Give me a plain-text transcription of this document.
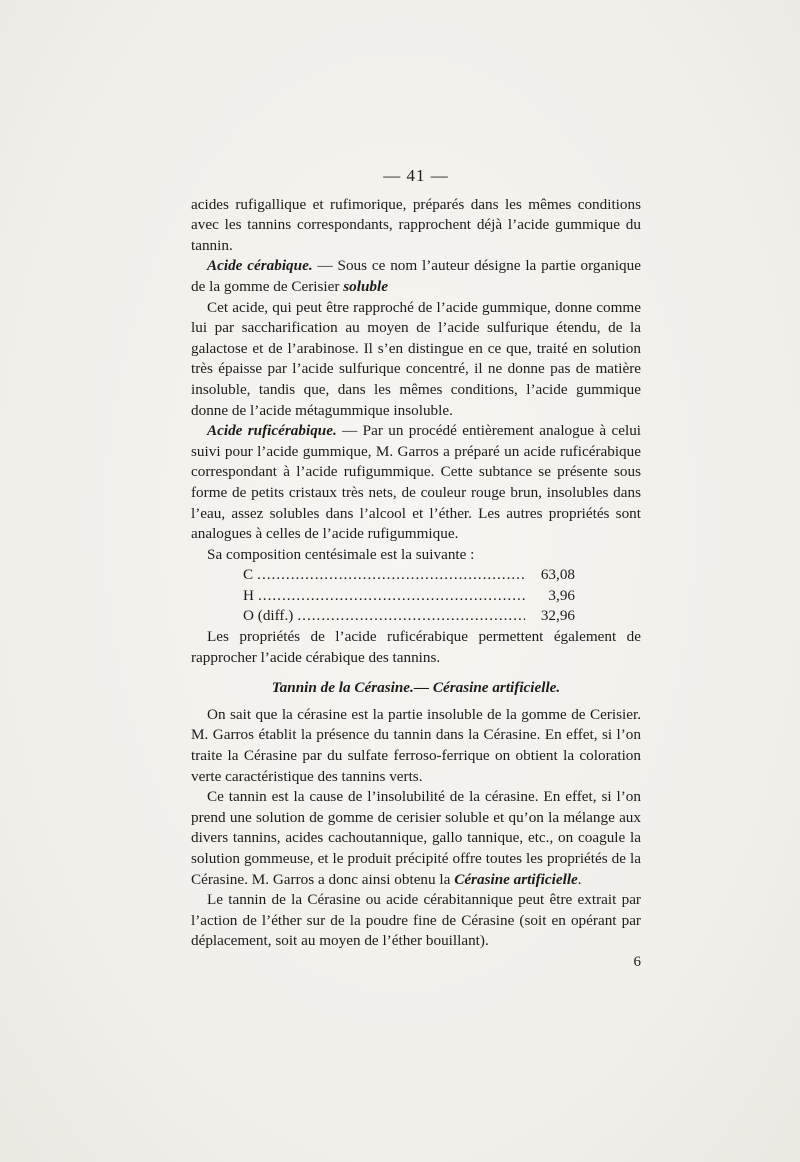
— 41 —

acides rufigallique et rufimorique, préparés dans les mêmes conditions avec les tannins correspondants, rapprochent déjà l’acide gummique du tannin.

Acide cérabique. — Sous ce nom l’auteur désigne la partie organique de la gomme de Cerisier soluble

Cet acide, qui peut être rapproché de l’acide gummique, donne comme lui par saccharification au moyen de l’acide sulfurique étendu, de la galactose et de l’arabinose. Il s’en distingue en ce que, traité en solution très épaisse par l’acide sulfurique concentré, il ne donne pas de matière insoluble, tandis que, dans les mêmes conditions, l’acide gummique donne de l’acide métagummique insoluble.

Acide ruficérabique. — Par un procédé entièrement analogue à celui suivi pour l’acide gummique, M. Garros a préparé un acide ruficérabique correspondant à l’acide rufigummique. Cette subtance se présente sous forme de petits cristaux très nets, de couleur rouge brun, insolubles dans l’eau, assez solubles dans l’alcool et l’éther. Les autres propriétés sont analogues à celles de l’acide rufigummique.

Sa composition centésimale est la suivante :

C .....	63,08
H .....	3,96
O (diff.) .....	32,96

Les propriétés de l’acide ruficérabique permettent également de rapprocher l’acide cérabique des tannins.

Tannin de la Cérasine.— Cérasine artificielle.

On sait que la cérasine est la partie insoluble de la gomme de Cerisier. M. Garros établit la présence du tannin dans la Cérasine. En effet, si l’on traite la Cérasine par du sulfate ferroso-ferrique on obtient la coloration verte caractéristique des tannins verts.

Ce tannin est la cause de l’insolubilité de la cérasine. En effet, si l’on prend une solution de gomme de cerisier soluble et qu’on la mélange aux divers tannins, acides cachoutannique, gallo tannique, etc., on coagule la solution gommeuse, et le produit précipité offre toutes les propriétés de la Cérasine. M. Garros a donc ainsi obtenu la Cérasine artificielle.

Le tannin de la Cérasine ou acide cérabitannique peut être extrait par l’action de l’éther sur de la poudre fine de Cérasine (soit en opérant par déplacement, soit au moyen de l’éther bouillant).

6
